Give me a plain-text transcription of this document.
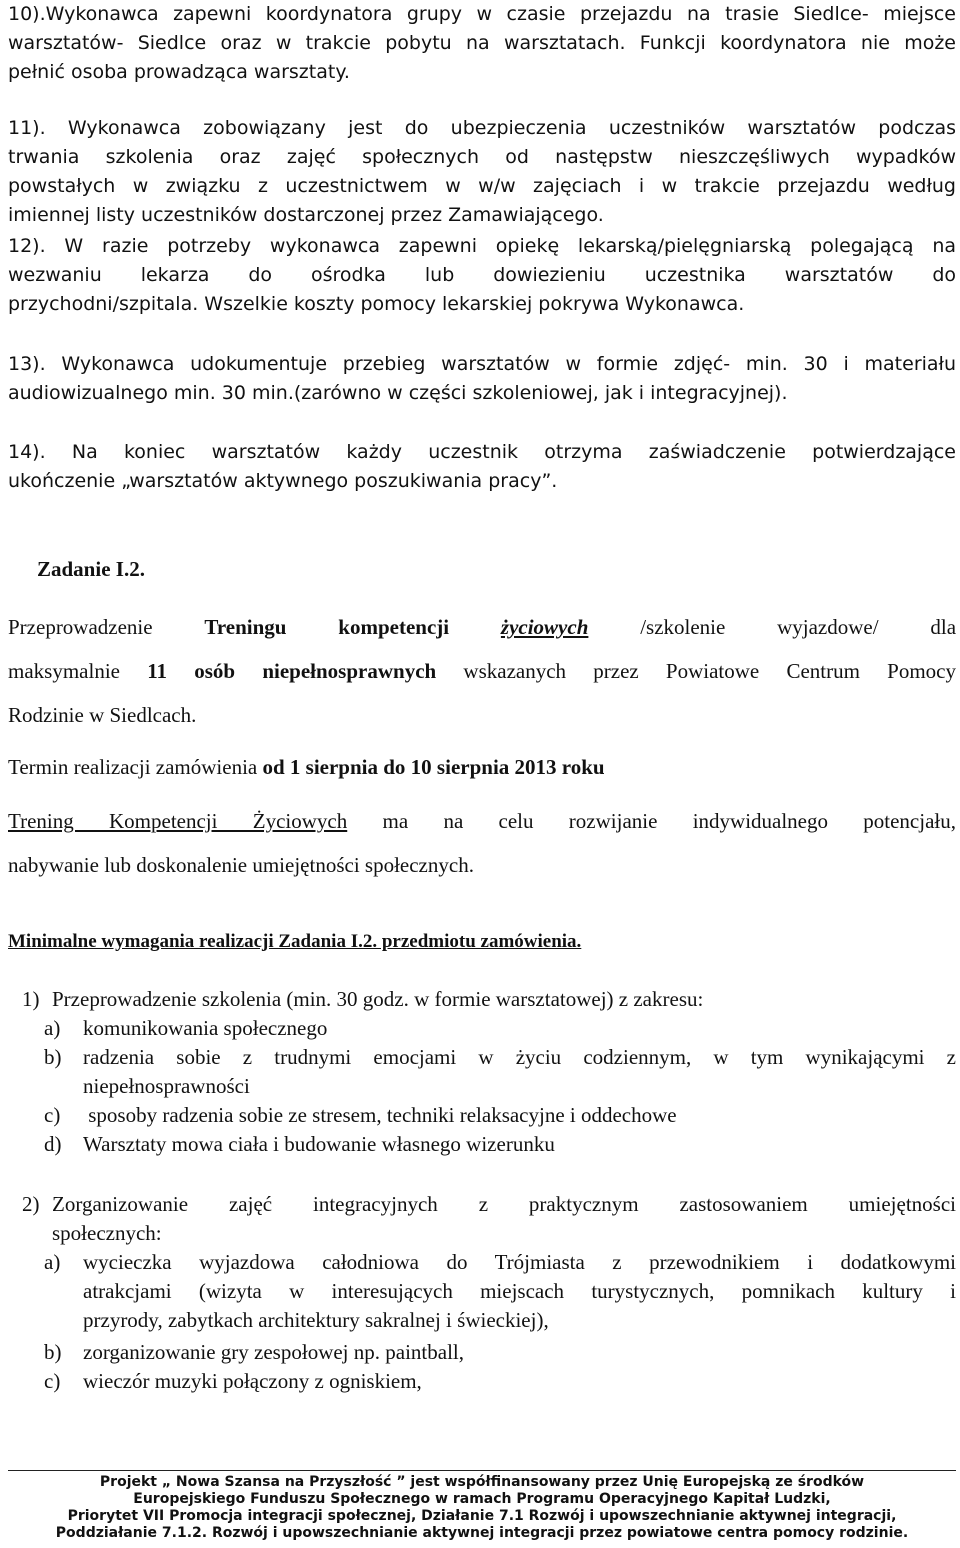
10).Wykonawca zapewni koordynatora grupy w czasie przejazdu na trasie Siedlce- miejsce
warsztatów- Siedlce oraz w trakcie pobytu na warsztatach. Funkcji koordynatora nie może
pełnić osoba prowadząca warsztaty.
11). Wykonawca zobowiązany jest do ubezpieczenia uczestników warsztatów podczas
trwania szkolenia oraz zajęć społecznych od następstw nieszczęśliwych wypadków
powstałych w związku z uczestnictwem w w/w zajęciach i w trakcie przejazdu według
imiennej listy uczestników dostarczonej przez Zamawiającego.
12). W razie potrzeby wykonawca zapewni opiekę lekarską/pielęgniarską polegającą na
wezwaniu lekarza do ośrodka lub dowiezieniu uczestnika warsztatów do
przychodni/szpitala. Wszelkie koszty pomocy lekarskiej pokrywa Wykonawca.
13). Wykonawca udokumentuje przebieg warsztatów w formie zdjęć- min. 30 i materiału
audiowizualnego min. 30 min.(zarówno w części szkoleniowej, jak i integracyjnej).
14). Na koniec warsztatów każdy uczestnik otrzyma zaświadczenie potwierdzające
ukończenie „warsztatów aktywnego poszukiwania pracy”.
Zadanie I.2.
Przeprowadzenie Treningu kompetencji życiowych /szkolenie wyjazdowe/ dla
maksymalnie 11 osób niepełnosprawnych wskazanych przez Powiatowe Centrum Pomocy
Rodzinie w Siedlcach.
Termin realizacji zamówienia od 1 sierpnia do 10 sierpnia 2013 roku
Trening Kompetencji Życiowych ma na celu rozwijanie indywidualnego potencjału,
nabywanie lub doskonalenie umiejętności społecznych.
Minimalne wymagania realizacji Zadania I.2. przedmiotu zamówienia.
1) Przeprowadzenie szkolenia (min. 30 godz. w formie warsztatowej) z zakresu:
a)	komunikowania społecznego
b)	radzenia sobie z trudnymi emocjami w życiu codziennym, w tym wynikającymi z
niepełnosprawności
c)	sposoby radzenia sobie ze stresem, techniki relaksacyjne i oddechowe
d)	Warsztaty mowa ciała i budowanie własnego wizerunku
2) Zorganizowanie zajęć integracyjnych z praktycznym zastosowaniem umiejętności
społecznych:
a)	wycieczka wyjazdowa całodniowa do Trójmiasta z przewodnikiem i dodatkowymi
atrakcjami (wizyta w interesujących miejscach turystycznych, pomnikach kultury i
przyrody, zabytkach architektury sakralnej i świeckiej),
b)	zorganizowanie gry zespołowej np. paintball,
c)	wieczór muzyki połączony z ogniskiem,
Projekt „ Nowa Szansa na Przyszłość ” jest współfinansowany przez Unię Europejską ze środków
Europejskiego Funduszu Społecznego w ramach Programu Operacyjnego Kapitał Ludzki,
Priorytet VII Promocja integracji społecznej, Działanie 7.1 Rozwój i upowszechnianie aktywnej integracji,
Poddziałanie 7.1.2. Rozwój i upowszechnianie aktywnej integracji przez powiatowe centra pomocy rodzinie.
